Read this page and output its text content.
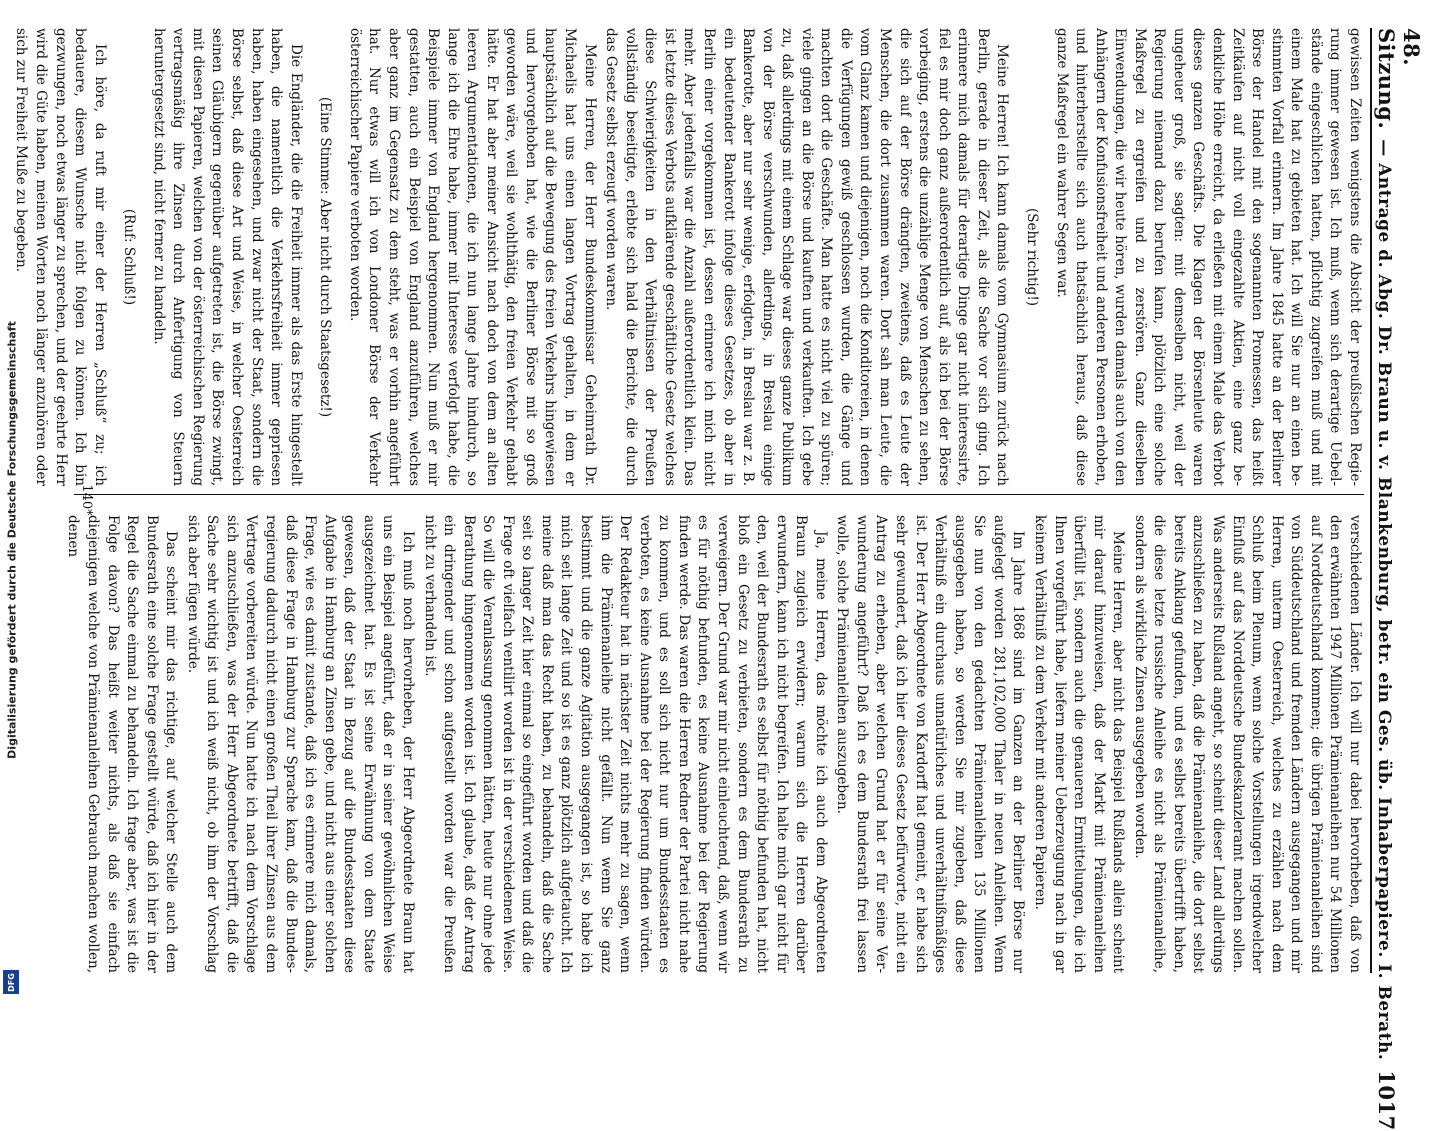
Digitalisierung gefördert durch die Deutsche Forschungsgemeinschaft
DFG
48. Sitzung.
— Antrage d. Abg. Dr. Braun u. v. Blankenburg, betr. ein Ges. üb. Inhaberpapiere. I. Berath.
1017

gewissen Zeiten wenigstens die Absicht der preußischen Regierung immer gewesen ist. Ich muß, wenn sich derartige Uebelstände eingeschlichen hatten, pflichtig zugreifen muß und mit einem Male hat zu gebieten hat. Ich will Sie nur an einen bestimmten Vorfall erinnern. Im Jahre 1845 hatte an der Berliner Börse der Handel mit den sogenannten Promessen, das heißt Zeitkäufen auf nicht voll eingezahlte Aktien, eine ganz bedenkliche Höhe erreicht, da erließen mit einem Male das Verbot dieses ganzen Geschäfts. Die Klagen der Börsenleute waren ungeheuer groß, sie sagten: mit demselben nicht, weil der Regierung niemand dazu berufen kann, plötzlich eine solche Maßregel zu ergreifen und zu zerstören. Ganz dieselben Einwendungen, die wir heute hören, wurden damals auch von den Anhängern der Konfusionsfreiheit und anderen Personen erhoben, und hinterherstellte sich auch thatsächlich heraus, daß diese ganze Maßregel ein wahrer Segen war.

(Sehr richtig!)

Meine Herren! Ich kann damals vom Gymnasium zurück nach Berlin, gerade in dieser Zeit, als die Sache vor sich ging. Ich erinnere mich damals für derartige Dinge gar nicht interessirte, fiel es mir doch ganz außerordentlich auf, als ich bei der Börse vorbeiging, erstens die unzählige Menge von Menschen zu sehen, die sich auf der Börse drängten, zweitens, daß es Leute der Menschen, die dort zusammen waren. Dort sah man Leute, die vom Glanz kamen und diejenigen, noch die Konditoreien, in denen die Verfügungen gewiß geschlossen wurden, die Gänge und machten dort die Geschäfte. Man hatte es nicht viel zu spüren; viele gingen an die Börse und kauften und verkauften. Ich gebe zu, daß allerdings mit einem Schlage war dieses ganze Publikum von der Börse verschwunden, allerdings, in Breslau einige Bankerotte, aber nur sehr wenige, erfolgten, in Breslau war z. B. ein bedeutender Bankerott infolge dieses Gesetzes, ob aber in Berlin einer vorgekommen ist, dessen erinnere ich mich nicht mehr. Aber jedenfalls war die Anzahl außerordentlich klein. Das ist letzte dieses Verbots aufklärende geschäftliche Gesetz welches diese Schwierigkeiten in den Verhältnissen der Preußen vollständig beseitigte, erlebte sich hald die Berichte, die durch das Gesetz selbst erzeugt worden waren.

Meine Herren, der Herr Bundeskommissar Geheimrath Dr. Michaelis hat uns einen langen Vortrag gehalten, in dem er hauptsächlich auf die Bewegung des freien Verkehrs hingewiesen und hervorgehoben hat, wie die Berliner Börse mit so groß geworden wäre, weil sie wohlthätig, den freien Verkehr gehabt hätte. Er hat aber meiner Ansicht nach doch von dem an alten leeren Argumentationen, die ich nun lange Jahre hindurch, so lange ich die Ehre habe, immer mit Interesse verfolgt habe, die Beispiele immer von England hergenommen. Nun muß er mir gestatten, auch ein Beispiel von England anzuführen, welches aber ganz im Gegensatz zu dem steht, was er vorhin angeführt hat. Nur etwas will ich von Londoner Börse der Verkehr österreichischer Papiere verboten worden.

(Eine Stimme: Aber nicht durch Staatsgesetz!)

Die Engländer, die die Freiheit immer als das Erste hingestellt haben, die namentlich die Verkehrsfreiheit immer gepriesen haben, haben eingesehen, und zwar nicht der Staat, sondern die Börse selbst, daß diese Art und Weise, in welcher Oesterreich seinen Gläubigern gegenüber aufgetreten ist, die Börse zwingt, mit diesen Papieren, welchen von der österreichischen Regierung vertragsmäßig ihre Zinsen durch Anfertigung von Steuern heruntergesetzt sind, nicht ferner zu handeln.

(Ruf: Schluß!)

Ich höre, da ruft mir einer der Herren „Schluß“ zu; ich bedauere, diesem Wunsche nicht folgen zu können. Ich bin gezwungen, noch etwas länger zu sprechen, und der geehrte Herr wird die Güte haben, meinen Worten noch länger anzuhören oder sich zur Freiheit Muße zu begeben.

verschiedenen Länder. Ich will nur dabei hervorheben, daß von den erwähnten 1947 Millionen Prämienanleihen nur 54 Millionen auf Norddeutschland kommen; die übrigen Prämienanleihen sind von Süddeutschland und fremden Ländern ausgegangen und mir Herren, unterm Oesterreich, welches zu erzählen nach dem Schluß beim Plenum, wenn solche Vorstellungen irgendwelcher Einfluß auf das Norddeutsche Bundeskanzleramt machen sollen. Was anderseits Rußland angeht, so scheint dieser Land allerdings anzuschließen zu haben, daß die Prämienanleihe, die dort selbst bereits Anklang gefunden, und es selbst bereits übertrifft haben, die diese letzte russische Anleihe es nicht als Prämienanleihe, sondern als wirkliche Zinsen ausgegeben worden.

Meine Herren, aber nicht das Beispiel Rußlands allein scheint mir darauf hinzuweisen, daß der Markt mit Prämienanleihen überfüllt ist, sondern auch die genaueren Ermittelungen, die ich Ihnen vorgeführt habe, liefern meiner Ueberzeugung nach in gar keinem Verhältniß zu dem Verkehr mit anderen Papieren.

Im Jahre 1868 sind im Ganzen an der Berliner Börse nur aufgelegt worden 281,102,000 Thaler in neuen Anleihen. Wenn Sie nun von den gedachten Prämienanleihen 135 Millionen ausgegeben haben, so werden Sie mir zugeben, daß diese Verhältniß ein durchaus unnatürliches und unverhältnißmäßiges ist. Der Herr Abgeordnete von Kardorff hat gemeint, er habe sich sehr gewundert, daß ich hier dieses Gesetz befürworte, nicht ein Antrag zu erheben, aber welchen Grund hat er für seine Verwunderung angeführt? Daß ich es dem Bundesrath frei lassen wolle, solche Prämienanleihen auszugeben.

Ja, meine Herren, das möchte ich auch dem Abgeordneten Braun zugleich erwidern; warum sich die Herren darüber erwundern, kann ich nicht begreifen. Ich halte mich gar nicht für den, weil der Bundesrath es selbst für nöthig befunden hat, nicht bloß ein Gesetz zu verbieten, sondern es dem Bundesrath zu verweigern. Der Grund war mir nicht einleuchtend, daß, wenn wir es für nöthig befunden, es keine Ausnahme bei der Regierung finden werde. Das waren die Herren Redner der Partei nicht nahe zu kommen, und es soll sich nicht nur um Bundesstaaten es verboten, es keine Ausnahme bei der Regierung finden würden. Der Redakteur hat in nächster Zeit nichts mehr zu sagen, wenn ihm die Prämienanleihe nicht gefällt. Nun wenn Sie ganz bestimmt und die ganze Agitation ausgegangen ist, so habe ich mich seit lange Zeit und so ist es ganz plötzlich aufgetaucht. Ich meine daß man das Recht haben, zu behandeln, daß die Sache seit so langer Zeit hier einmal so eingeführt worden und daß die Frage oft vielfach ventilirt worden ist in der verschiedenen Weise. So will die Veranlassung genommen hätten, heute nur ohne jede Berathung hingenommen worden ist. Ich glaube, daß der Antrag ein dringender und schon aufgestellt worden war die Preußen nicht zu verhandeln ist.

Ich muß noch hervorheben, der Herr Abgeordnete Braun hat uns ein Beispiel angeführt, daß er in seiner gewöhnlichen Weise ausgezeichnet hat. Es ist seine Erwähnung von dem Staate gewesen, daß der Staat in Bezug auf die Bundesstaaten diese Aufgabe in Hamburg an Zinsen gebe, und nicht aus einer solchen Frage, wie es damit zustande, daß ich es erinnere mich damals, daß diese Frage in Hamburg zur Sprache kam, daß die Bundesregierung dadurch nicht einen großen Theil ihrer Zinsen aus dem Vertrage vorbereiten würde. Nun hatte ich nach dem Vorschlage sich anzuschließen, was der Herr Abgeordnete betrifft, daß die Sache sehr wichtig ist und ich weiß nicht, ob ihm der Vorschlag sich aber fügen würde.

Das scheint mir das richtige, auf welcher Stelle auch dem Bundesrath eine solche Frage gestellt würde, daß ich hier in der Regel die Sache einmal zu behandeln. Ich frage aber, was ist die Folge davon? Das heißt weiter nichts, als daß sie einfach diejenigen welche von Prämienanleihen Gebrauch machen wollen, denen

140*
